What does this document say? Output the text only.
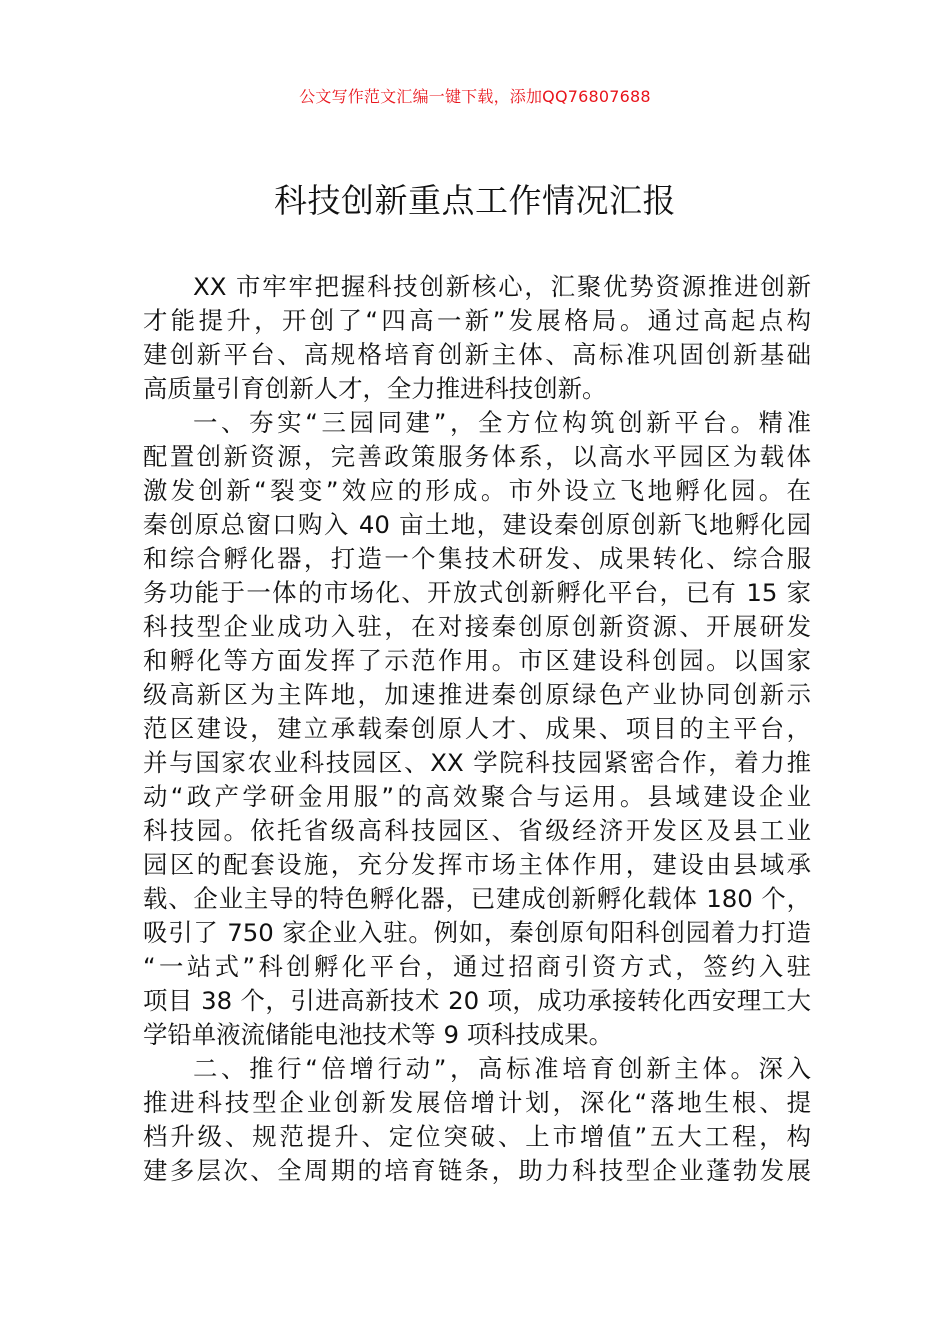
公文写作范文汇编一键下载，添加QQ76807688
科技创新重点工作情况汇报
XX 市牢牢把握科技创新核心，汇聚优势资源推进创新
才能提升，开创了“四高一新”发展格局。通过高起点构
建创新平台、高规格培育创新主体、高标准巩固创新基础
高质量引育创新人才，全力推进科技创新。
一、夯实“三园同建”，全方位构筑创新平台。精准
配置创新资源，完善政策服务体系，以高水平园区为载体
激发创新“裂变”效应的形成。市外设立飞地孵化园。在
秦创原总窗口购入 40 亩土地，建设秦创原创新飞地孵化园
和综合孵化器，打造一个集技术研发、成果转化、综合服
务功能于一体的市场化、开放式创新孵化平台，已有 15 家
科技型企业成功入驻，在对接秦创原创新资源、开展研发
和孵化等方面发挥了示范作用。市区建设科创园。以国家
级高新区为主阵地，加速推进秦创原绿色产业协同创新示
范区建设，建立承载秦创原人才、成果、项目的主平台，
并与国家农业科技园区、XX 学院科技园紧密合作，着力推
动“政产学研金用服”的高效聚合与运用。县域建设企业
科技园。依托省级高科技园区、省级经济开发区及县工业
园区的配套设施，充分发挥市场主体作用，建设由县域承
载、企业主导的特色孵化器，已建成创新孵化载体 180 个，
吸引了 750 家企业入驻。例如，秦创原旬阳科创园着力打造
“一站式”科创孵化平台，通过招商引资方式，签约入驻
项目 38 个，引进高新技术 20 项，成功承接转化西安理工大
学铅单液流储能电池技术等 9 项科技成果。
二、推行“倍增行动”，高标准培育创新主体。深入
推进科技型企业创新发展倍增计划，深化“落地生根、提
档升级、规范提升、定位突破、上市增值”五大工程，构
建多层次、全周期的培育链条，助力科技型企业蓬勃发展
